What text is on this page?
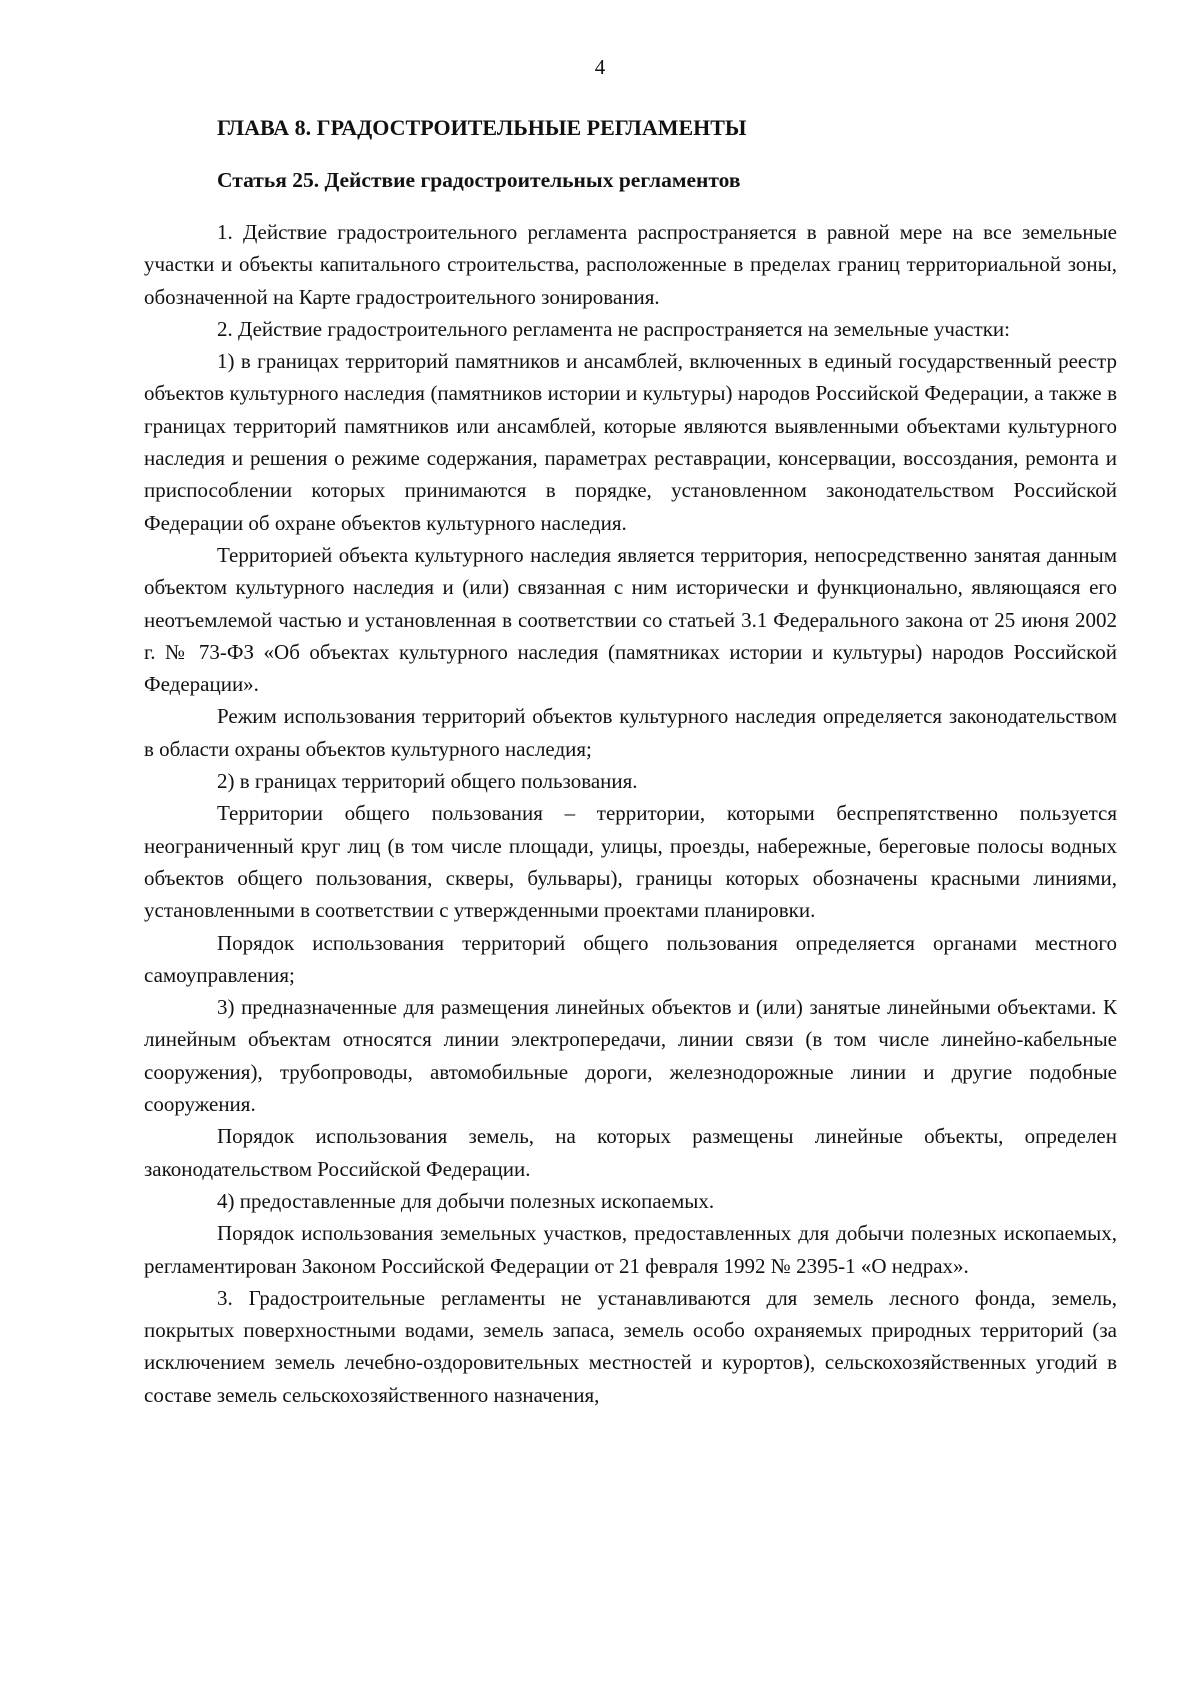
4
ГЛАВА 8. ГРАДОСТРОИТЕЛЬНЫЕ РЕГЛАМЕНТЫ
Статья 25. Действие градостроительных регламентов

1. Действие градостроительного регламента распространяется в равной мере на все земельные участки и объекты капитального строительства, расположенные в пределах границ территориальной зоны, обозначенной на Карте градостроительного зонирования.

2. Действие градостроительного регламента не распространяется на земельные участки:

1) в границах территорий памятников и ансамблей, включенных в единый государственный реестр объектов культурного наследия (памятников истории и культуры) народов Российской Федерации, а также в границах территорий памятников или ансамблей, которые являются выявленными объектами культурного наследия и решения о режиме содержания, параметрах реставрации, консервации, воссоздания, ремонта и приспособлении которых принимаются в порядке, установленном законодательством Российской Федерации об охране объектов культурного наследия.

Территорией объекта культурного наследия является территория, непосредственно занятая данным объектом культурного наследия и (или) связанная с ним исторически и функционально, являющаяся его неотъемлемой частью и установленная в соответствии со статьей 3.1 Федерального закона от 25 июня 2002 г. № 73-ФЗ «Об объектах культурного наследия (памятниках истории и культуры) народов Российской Федерации».

Режим использования территорий объектов культурного наследия определяется законодательством в области охраны объектов культурного наследия;

2) в границах территорий общего пользования.

Территории общего пользования – территории, которыми беспрепятственно пользуется неограниченный круг лиц (в том числе площади, улицы, проезды, набережные, береговые полосы водных объектов общего пользования, скверы, бульвары), границы которых обозначены красными линиями, установленными в соответствии с утвержденными проектами планировки.

Порядок использования территорий общего пользования определяется органами местного самоуправления;

3) предназначенные для размещения линейных объектов и (или) занятые линейными объектами. К линейным объектам относятся линии электропередачи, линии связи (в том числе линейно-кабельные сооружения), трубопроводы, автомобильные дороги, железнодорожные линии и другие подобные сооружения.

Порядок использования земель, на которых размещены линейные объекты, определен законодательством Российской Федерации.

4) предоставленные для добычи полезных ископаемых.

Порядок использования земельных участков, предоставленных для добычи полезных ископаемых, регламентирован Законом Российской Федерации от 21 февраля 1992 № 2395-1 «О недрах».

3. Градостроительные регламенты не устанавливаются для земель лесного фонда, земель, покрытых поверхностными водами, земель запаса, земель особо охраняемых природных территорий (за исключением земель лечебно-оздоровительных местностей и курортов), сельскохозяйственных угодий в составе земель сельскохозяйственного назначения,
